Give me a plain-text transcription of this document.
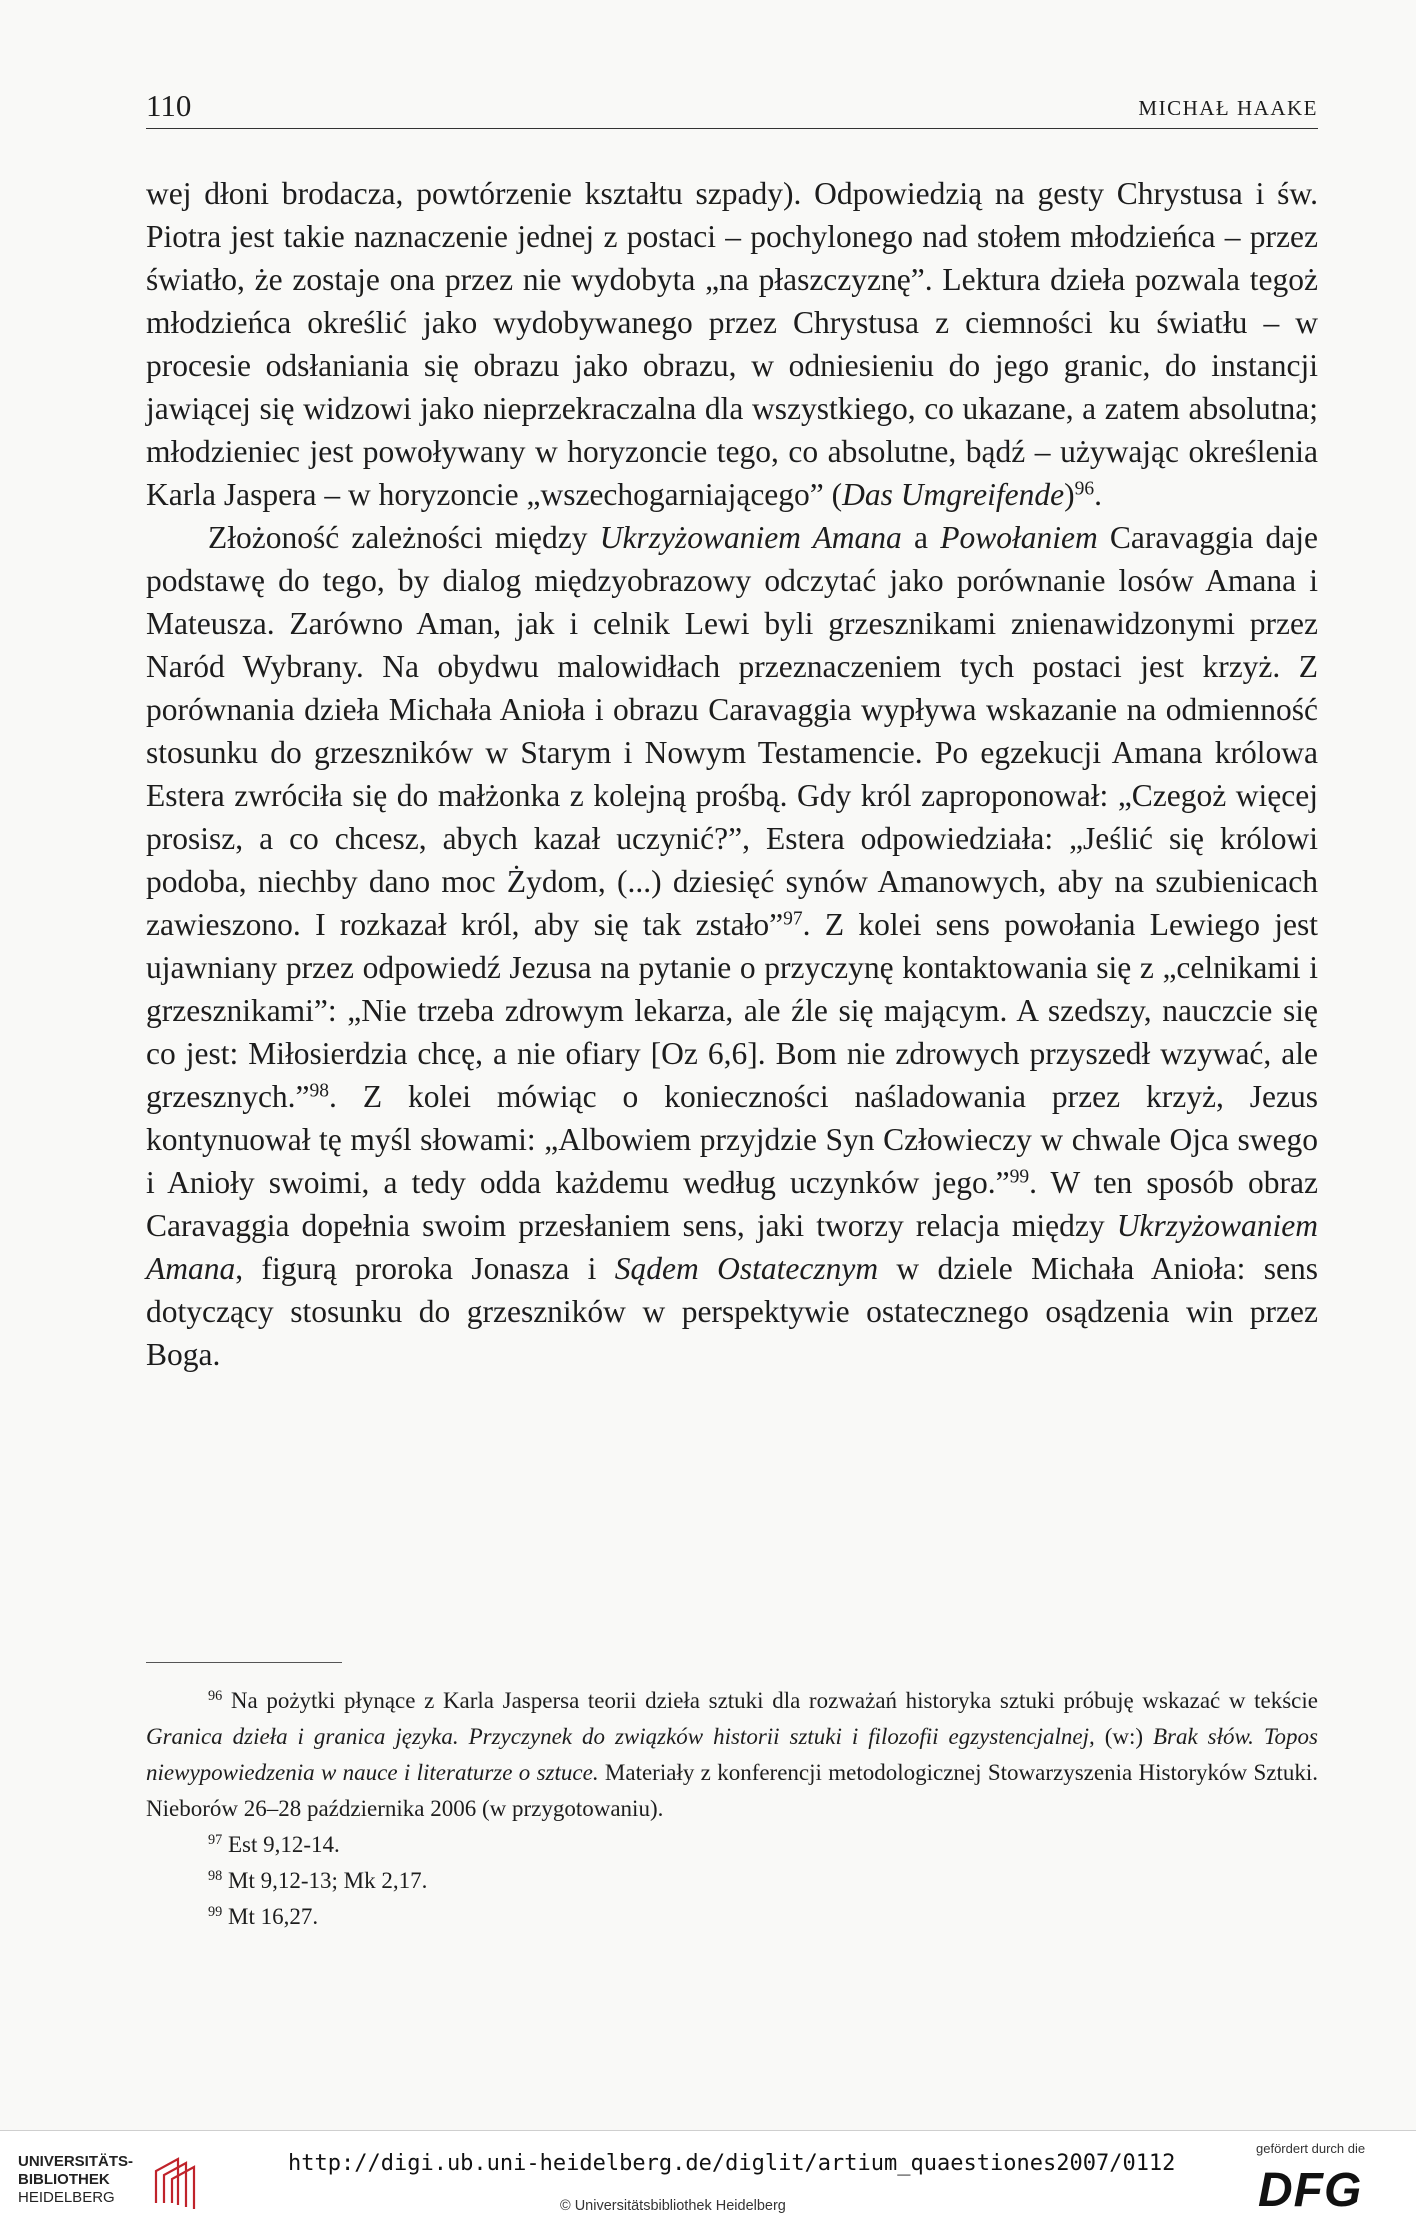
110	MICHAŁ HAAKE

wej dłoni brodacza, powtórzenie kształtu szpady). Odpowiedzią na gesty Chrystusa i św. Piotra jest takie naznaczenie jednej z postaci – pochylonego nad stołem młodzieńca – przez światło, że zostaje ona przez nie wydobyta „na płaszczyznę”. Lektura dzieła pozwala tegoż młodzieńca określić jako wydobywanego przez Chrystusa z ciemności ku światłu – w procesie odsłaniania się obrazu jako obrazu, w odniesieniu do jego granic, do instancji jawiącej się widzowi jako nieprzekraczalna dla wszystkiego, co ukazane, a zatem absolutna; młodzieniec jest powoływany w horyzoncie tego, co absolutne, bądź – używając określenia Karla Jaspera – w horyzoncie „wszechogarniającego” (Das Umgreifende)$^{96}$.

Złożoność zależności między Ukrzyżowaniem Amana a Powołaniem Caravaggia daje podstawę do tego, by dialog międzyobrazowy odczytać jako porównanie losów Amana i Mateusza. Zarówno Aman, jak i celnik Lewi byli grzesznikami znienawidzonymi przez Naród Wybrany. Na obydwu malowidłach przeznaczeniem tych postaci jest krzyż. Z porównania dzieła Michała Anioła i obrazu Caravaggia wypływa wskazanie na odmienność stosunku do grzeszników w Starym i Nowym Testamencie. Po egzekucji Amana królowa Estera zwróciła się do małżonka z kolejną prośbą. Gdy król zaproponował: „Czegoż więcej prosisz, a co chcesz, abych kazał uczynić?”, Estera odpowiedziała: „Jeślić się królowi podoba, niechby dano moc Żydom, (...) dziesięć synów Amanowych, aby na szubienicach zawieszono. I rozkazał król, aby się tak zstało”$^{97}$. Z kolei sens powołania Lewiego jest ujawniany przez odpowiedź Jezusa na pytanie o przyczynę kontaktowania się z „celnikami i grzesznikami”: „Nie trzeba zdrowym lekarza, ale źle się mającym. A szedszy, nauczcie się co jest: Miłosierdzia chcę, a nie ofiary [Oz 6,6]. Bom nie zdrowych przyszedł wzywać, ale grzesznych.”$^{98}$. Z kolei mówiąc o konieczności naśladowania przez krzyż, Jezus kontynuował tę myśl słowami: „Albowiem przyjdzie Syn Człowieczy w chwale Ojca swego i Anioły swoimi, a tedy odda każdemu według uczynków jego.”$^{99}$. W ten sposób obraz Caravaggia dopełnia swoim przesłaniem sens, jaki tworzy relacja między Ukrzyżowaniem Amana, figurą proroka Jonasza i Sądem Ostatecznym w dziele Michała Anioła: sens dotyczący stosunku do grzeszników w perspektywie ostatecznego osądzenia win przez Boga.

$^{96}$ Na pożytki płynące z Karla Jaspersa teorii dzieła sztuki dla rozważań historyka sztuki próbuję wskazać w tekście Granica dzieła i granica języka. Przyczynek do związków historii sztuki i filozofii egzystencjalnej, (w:) Brak słów. Topos niewypowiedzenia w nauce i literaturze o sztuce. Materiały z konferencji metodologicznej Stowarzyszenia Historyków Sztuki. Nieborów 26–28 października 2006 (w przygotowaniu).

$^{97}$ Est 9,12-14.

$^{98}$ Mt 9,12-13; Mk 2,17.

$^{99}$ Mt 16,27.

UNIVERSITÄTS-
BIBLIOTHEK
HEIDELBERG
http://digi.ub.uni-heidelberg.de/diglit/artium_quaestiones2007/0112
© Universitätsbibliothek Heidelberg
gefördert durch die
DFG
